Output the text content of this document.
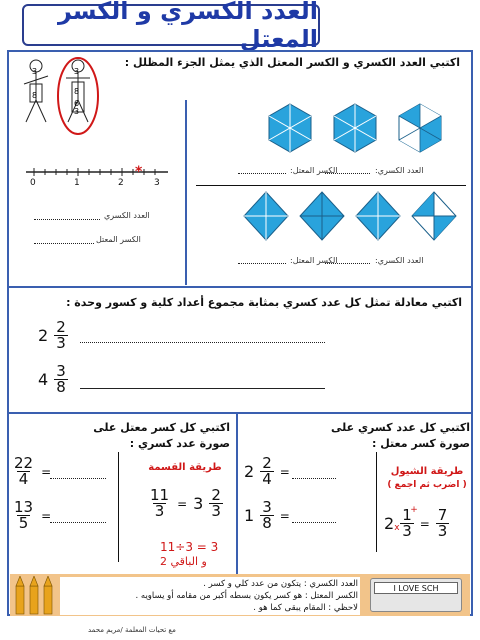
العدد الكسري و الكسر المعتل
اكتبي العدد الكسري و الكسر المعتل الذي يمثل الجزء المظلل :
3
8
3
8
6
3
*
0	1	2	3
العدد الكسري
الكسر المعتل
العدد الكسري:
الكسر المعتل:
العدد الكسري:
الكسر المعتل:
اكتبي معادلة تمثل كل عدد كسري بمثابة مجموع أعداد كلية و كسور وحدة :
$2 \frac{2}{3}$
$4 \frac{3}{8}$
اكتبي كل عدد كسري على صورة كسر معتل :
$2 \frac{2}{4}$ =
$1 \frac{3}{8}$ =
طريقة الشيول
( اضرب ثم اجمع )
2 1
3
+
$x = \frac{7}{3}$
اكتبي كل كسر معتل على صورة عدد كسري :
$\frac{22}{4}$ =
$\frac{13}{5}$ =
طريقة القسمة
$\frac{11}{3} = 3 \frac{2}{3}$
11÷3 = 3
و الباقي 2
العدد الكسري : يتكون من عدد كلي و كسر .
الكسر المعتل : هو كسر يكون بسطه أكبر من مقامه أو يساويه .
لاحظي : المقام يبقى كما هو .
I LOVE SCH
مع تحيات المعلمة /مريم محمد
